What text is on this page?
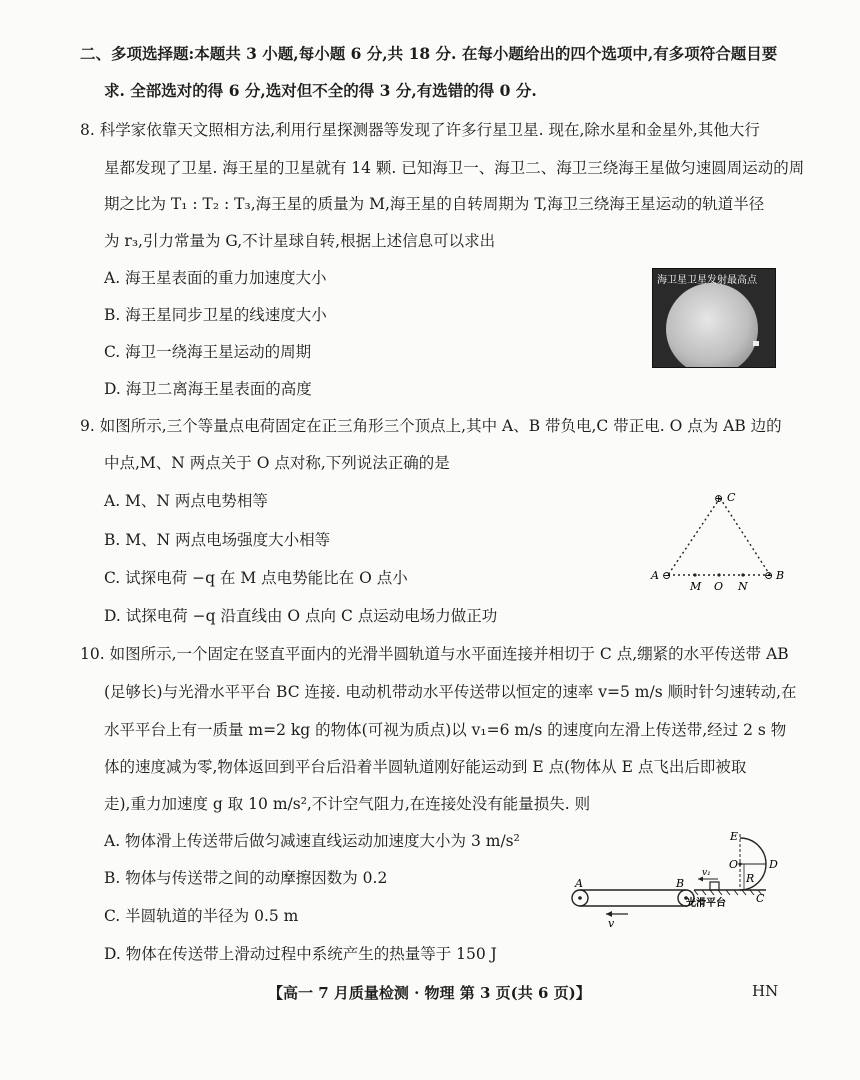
二、多项选择题:本题共 3 小题,每小题 6 分,共 18 分. 在每小题给出的四个选项中,有多项符合题目要
求. 全部选对的得 6 分,选对但不全的得 3 分,有选错的得 0 分.
8. 科学家依靠天文照相方法,利用行星探测器等发现了许多行星卫星. 现在,除水星和金星外,其他大行
星都发现了卫星. 海王星的卫星就有 14 颗. 已知海卫一、海卫二、海卫三绕海王星做匀速圆周运动的周
期之比为 T₁ : T₂ : T₃,海王星的质量为 M,海王星的自转周期为 T,海卫三绕海王星运动的轨道半径
为 r₃,引力常量为 G,不计星球自转,根据上述信息可以求出
A. 海王星表面的重力加速度大小
B. 海王星同步卫星的线速度大小
C. 海卫一绕海王星运动的周期
D. 海卫二离海王星表面的高度
海卫星卫星发射最高点
9. 如图所示,三个等量点电荷固定在正三角形三个顶点上,其中 A、B 带负电,C 带正电. O 点为 AB 边的
中点,M、N 两点关于 O 点对称,下列说法正确的是
A. M、N 两点电势相等
B. M、N 两点电场强度大小相等
C. 试探电荷 −q 在 M 点电势能比在 O 点小
D. 试探电荷 −q 沿直线由 O 点向 C 点运动电场力做正功
⊕ C
⊖
A	⊖ B
M O N
10. 如图所示,一个固定在竖直平面内的光滑半圆轨道与水平面连接并相切于 C 点,绷紧的水平传送带 AB
(足够长)与光滑水平平台 BC 连接. 电动机带动水平传送带以恒定的速率 v=5 m/s 顺时针匀速转动,在
水平平台上有一质量 m=2 kg 的物体(可视为质点)以 v₁=6 m/s 的速度向左滑上传送带,经过 2 s 物
体的速度减为零,物体返回到平台后沿着半圆轨道刚好能运动到 E 点(物体从 E 点飞出后即被取
走),重力加速度 g 取 10 m/s²,不计空气阻力,在连接处没有能量损失. 则
A. 物体滑上传送带后做匀减速直线运动加速度大小为 3 m/s²
B. 物体与传送带之间的动摩擦因数为 0.2
C. 半圆轨道的半径为 0.5 m
D. 物体在传送带上滑动过程中系统产生的热量等于 150 J
A	B
v
v₁
光滑平台
E
O	D
R
C
【高一 7 月质量检测 · 物理 第 3 页(共 6 页)】	HN
